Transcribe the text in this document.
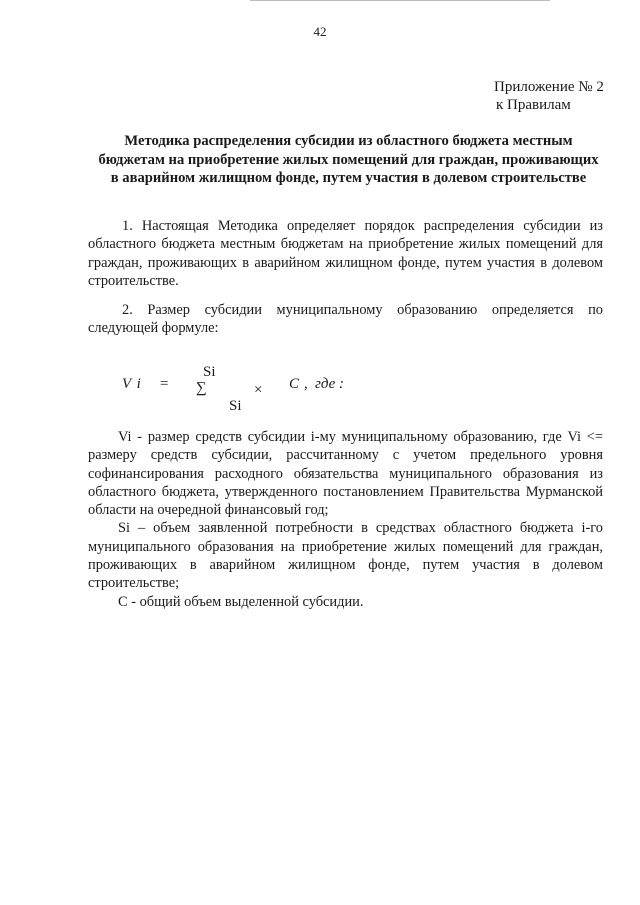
42
Приложение № 2
к Правилам
Методика распределения субсидии из областного бюджета местным бюджетам на приобретение жилых помещений для граждан, проживающих в аварийном жилищном фонде, путем участия в долевом строительстве
1. Настоящая Методика определяет порядок распределения субсидии из областного бюджета местным бюджетам на приобретение жилых помещений для граждан, проживающих в аварийном жилищном фонде, путем участия в долевом строительстве.
2. Размер субсидии муниципальному образованию определяется по следующей формуле:
V i =
Si
∑
Si
× C , где :
Vi - размер средств субсидии i-му муниципальному образованию, где Vi <= размеру средств субсидии, рассчитанному с учетом предельного уровня софинансирования расходного обязательства муниципального образования из областного бюджета, утвержденного постановлением Правительства Мурманской области на очередной финансовый год;
Si – объем заявленной потребности в средствах областного бюджета i-го муниципального образования на приобретение жилых помещений для граждан, проживающих в аварийном жилищном фонде, путем участия в долевом строительстве;
С - общий объем выделенной субсидии.
